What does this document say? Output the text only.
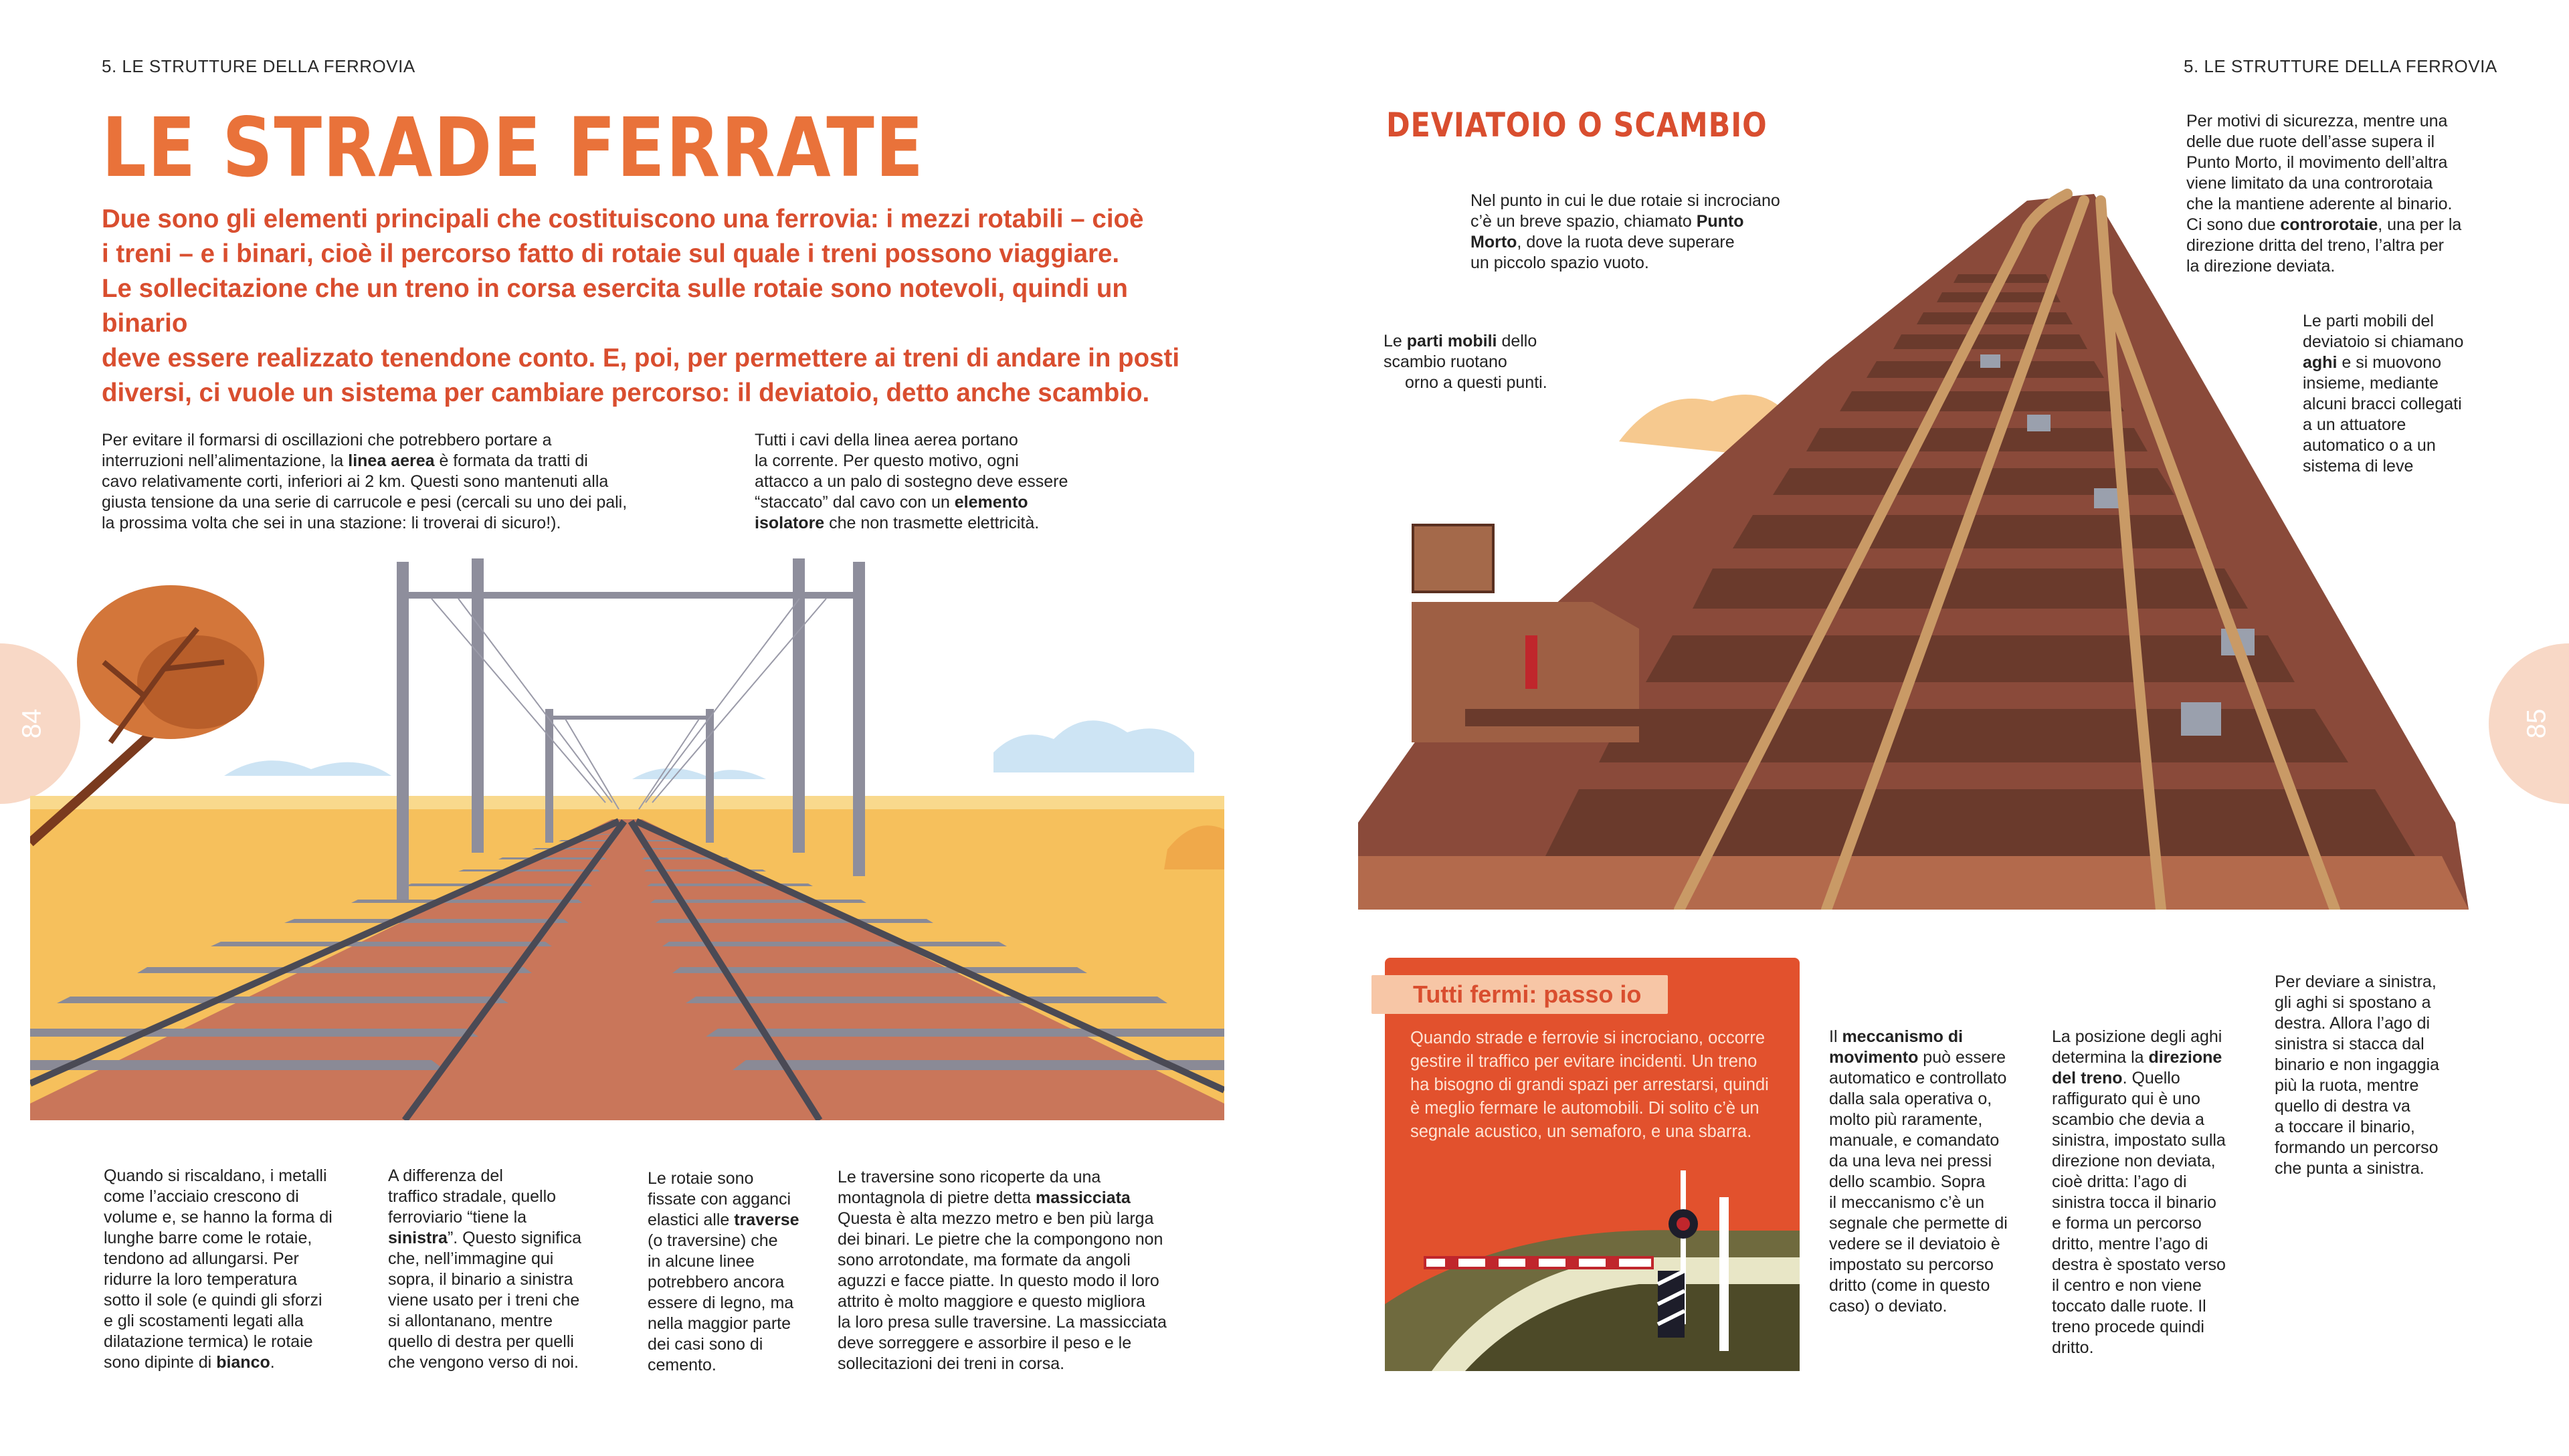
5. LE STRUTTURE DELLA FERROVIA	5. LE STRUTTURE DELLA FERROVIA
84	85
LE STRADE FERRATE
Due sono gli elementi principali che costituiscono una ferrovia: i mezzi rotabili – cioè
i treni – e i binari, cioè il percorso fatto di rotaie sul quale i treni possono viaggiare.
Le sollecitazione che un treno in corsa esercita sulle rotaie sono notevoli, quindi un binario
deve essere realizzato tenendone conto. E, poi, per permettere ai treni di andare in posti
diversi, ci vuole un sistema per cambiare percorso: il deviatoio, detto anche scambio.
Per evitare il formarsi di oscillazioni che potrebbero portare a
interruzioni nell’alimentazione, la linea aerea è formata da tratti di
cavo relativamente corti, inferiori ai 2 km. Questi sono mantenuti alla
giusta tensione da una serie di carrucole e pesi (cercali su uno dei pali,
la prossima volta che sei in una stazione: li troverai di sicuro!).
Tutti i cavi della linea aerea portano
la corrente. Per questo motivo, ogni
attacco a un palo di sostegno deve essere
“staccato” dal cavo con un elemento
isolatore che non trasmette elettricità.
Quando si riscaldano, i metalli
come l’acciaio crescono di
volume e, se hanno la forma di
lunghe barre come le rotaie,
tendono ad allungarsi. Per
ridurre la loro temperatura
sotto il sole (e quindi gli sforzi
e gli scostamenti legati alla
dilatazione termica) le rotaie
sono dipinte di bianco.
A differenza del
traffico stradale, quello
ferroviario “tiene la
sinistra”. Questo significa
che, nell’immagine qui
sopra, il binario a sinistra
viene usato per i treni che
si allontanano, mentre
quello di destra per quelli
che vengono verso di noi.
Le rotaie sono
fissate con agganci
elastici alle traverse
(o traversine) che
in alcune linee
potrebbero ancora
essere di legno, ma
nella maggior parte
dei casi sono di
cemento.
Le traversine sono ricoperte da una
montagnola di pietre detta massicciata
Questa è alta mezzo metro e ben più larga
dei binari. Le pietre che la compongono non
sono arrotondate, ma formate da angoli
aguzzi e facce piatte. In questo modo il loro
attrito è molto maggiore e questo migliora
la loro presa sulle traversine. La massicciata
deve sorreggere e assorbire il peso e le
sollecitazioni dei treni in corsa.
DEVIATOIO O SCAMBIO
Nel punto in cui le due rotaie si incrociano
c’è un breve spazio, chiamato Punto
Morto, dove la ruota deve superare
un piccolo spazio vuoto.
Le parti mobili dello
scambio ruotano
orno a questi punti.
Per motivi di sicurezza, mentre una
delle due ruote dell’asse supera il
Punto Morto, il movimento dell’altra
viene limitato da una controrotaia
che la mantiene aderente al binario.
Ci sono due controrotaie, una per la
direzione dritta del treno, l’altra per
la direzione deviata.
Le parti mobili del
deviatoio si chiamano
aghi e si muovono
insieme, mediante
alcuni bracci collegati
a un attuatore
automatico o a un
sistema di leve
Tutti fermi: passo io
Quando strade e ferrovie si incrociano, occorre
gestire il traffico per evitare incidenti. Un treno
ha bisogno di grandi spazi per arrestarsi, quindi
è meglio fermare le automobili. Di solito c’è un
segnale acustico, un semaforo, e una sbarra.
Il meccanismo di
movimento può essere
automatico e controllato
dalla sala operativa o,
molto più raramente,
manuale, e comandato
da una leva nei pressi
dello scambio. Sopra
il meccanismo c’è un
segnale che permette di
vedere se il deviatoio è
impostato su percorso
dritto (come in questo
caso) o deviato.
La posizione degli aghi
determina la direzione
del treno. Quello
raffigurato qui è uno
scambio che devia a
sinistra, impostato sulla
direzione non deviata,
cioè dritta: l’ago di
sinistra tocca il binario
e forma un percorso
dritto, mentre l’ago di
destra è spostato verso
il centro e non viene
toccato dalle ruote. Il
treno procede quindi
dritto.
Per deviare a sinistra,
gli aghi si spostano a
destra. Allora l’ago di
sinistra si stacca dal
binario e non ingaggia
più la ruota, mentre
quello di destra va
a toccare il binario,
formando un percorso
che punta a sinistra.
